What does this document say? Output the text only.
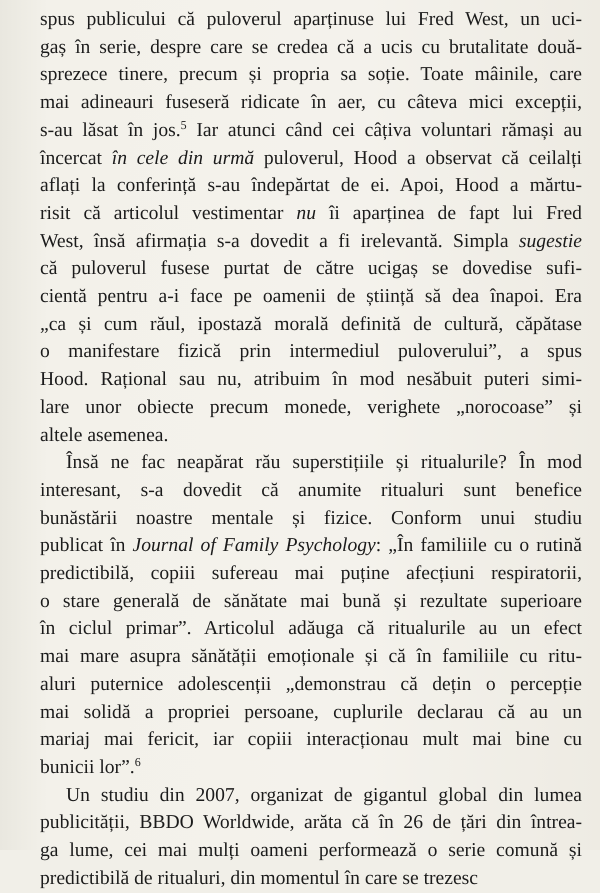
spus publicului că puloverul aparținuse lui Fred West, un uci-
gaș în serie, despre care se credea că a ucis cu brutalitate două-
sprezece tinere, precum și propria sa soție. Toate mâinile, care
mai adineauri fuseseră ridicate în aer, cu câteva mici excepții,
s-au lăsat în jos.$^5$ Iar atunci când cei câțiva voluntari rămași au
încercat în cele din urmă puloverul, Hood a observat că ceilalți
aflați la conferință s-au îndepărtat de ei. Apoi, Hood a mărtu-
risit că articolul vestimentar nu îi aparținea de fapt lui Fred
West, însă afirmația s-a dovedit a fi irelevantă. Simpla sugestie
că puloverul fusese purtat de către ucigaș se dovedise sufi-
cientă pentru a-i face pe oamenii de știință să dea înapoi. Era
„ca și cum răul, ipostază morală definită de cultură, căpătase
o manifestare fizică prin intermediul puloverului”, a spus
Hood. Rațional sau nu, atribuim în mod nesăbuit puteri simi-
lare unor obiecte precum monede, verighete „norocoase” și
altele asemenea.
Însă ne fac neapărat rău superstițiile și ritualurile? În mod
interesant, s-a dovedit că anumite ritualuri sunt benefice
bunăstării noastre mentale și fizice. Conform unui studiu
publicat în Journal of Family Psychology: „În familiile cu o rutină
predictibilă, copiii sufereau mai puține afecțiuni respiratorii,
o stare generală de sănătate mai bună și rezultate superioare
în ciclul primar”. Articolul adăuga că ritualurile au un efect
mai mare asupra sănătății emoționale și că în familiile cu ritu-
aluri puternice adolescenții „demonstrau că dețin o percepție
mai solidă a propriei persoane, cuplurile declarau că au un
mariaj mai fericit, iar copiii interacționau mult mai bine cu
bunicii lor”.$^6$
Un studiu din 2007, organizat de gigantul global din lumea
publicității, BBDO Worldwide, arăta că în 26 de țări din întrea-
ga lume, cei mai mulți oameni performează o serie comună și
predictibilă de ritualuri, din momentul în care se trezesc
